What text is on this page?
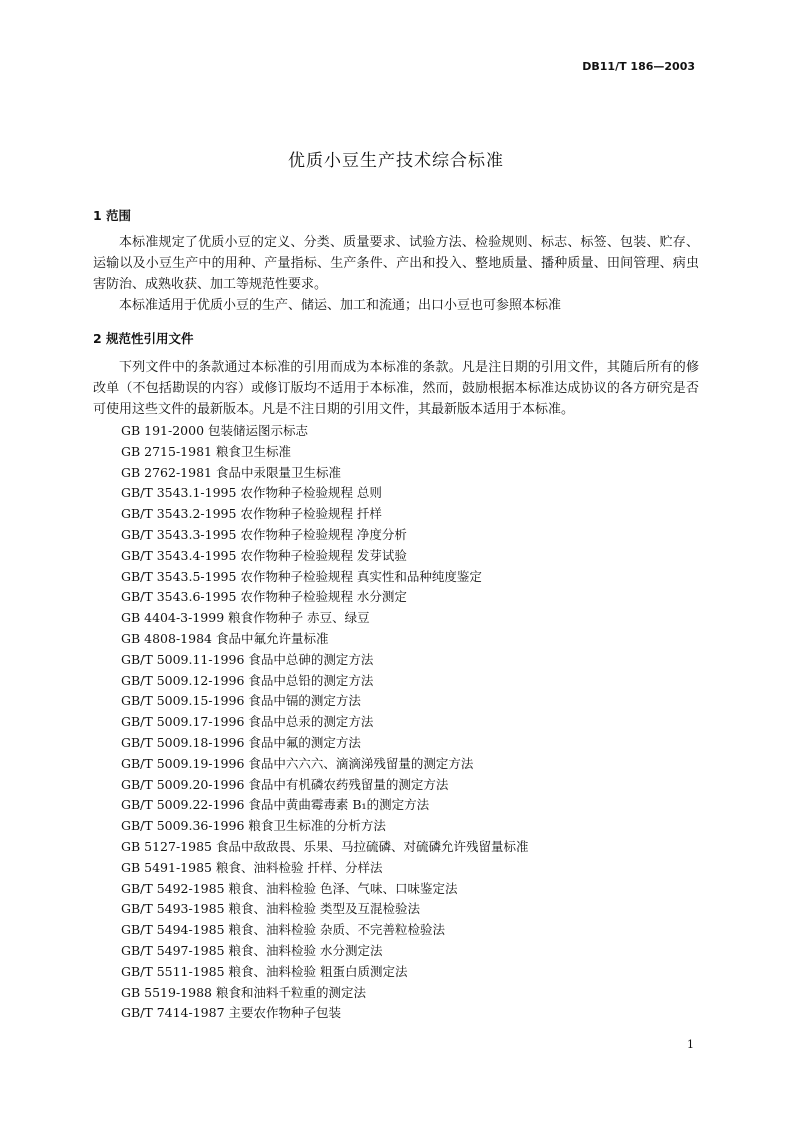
DB11/T 186—2003
优质小豆生产技术综合标准
1 范围
本标准规定了优质小豆的定义、分类、质量要求、试验方法、检验规则、标志、标签、包装、贮存、运输以及小豆生产中的用种、产量指标、生产条件、产出和投入、整地质量、播种质量、田间管理、病虫害防治、成熟收获、加工等规范性要求。
本标准适用于优质小豆的生产、储运、加工和流通；出口小豆也可参照本标准
2 规范性引用文件
下列文件中的条款通过本标准的引用而成为本标准的条款。凡是注日期的引用文件，其随后所有的修改单（不包括勘误的内容）或修订版均不适用于本标准，然而，鼓励根据本标准达成协议的各方研究是否可使用这些文件的最新版本。凡是不注日期的引用文件，其最新版本适用于本标准。
GB 191-2000 包装储运图示标志
GB 2715-1981 粮食卫生标准
GB 2762-1981 食品中汞限量卫生标准
GB/T 3543.1-1995 农作物种子检验规程 总则
GB/T 3543.2-1995 农作物种子检验规程 扦样
GB/T 3543.3-1995 农作物种子检验规程 净度分析
GB/T 3543.4-1995 农作物种子检验规程 发芽试验
GB/T 3543.5-1995 农作物种子检验规程 真实性和品种纯度鉴定
GB/T 3543.6-1995 农作物种子检验规程 水分测定
GB 4404-3-1999 粮食作物种子 赤豆、绿豆
GB 4808-1984 食品中氟允许量标准
GB/T 5009.11-1996 食品中总砷的测定方法
GB/T 5009.12-1996 食品中总铅的测定方法
GB/T 5009.15-1996 食品中镉的测定方法
GB/T 5009.17-1996 食品中总汞的测定方法
GB/T 5009.18-1996 食品中氟的测定方法
GB/T 5009.19-1996 食品中六六六、滴滴涕残留量的测定方法
GB/T 5009.20-1996 食品中有机磷农药残留量的测定方法
GB/T 5009.22-1996 食品中黄曲霉毒素 B₁的测定方法
GB/T 5009.36-1996 粮食卫生标准的分析方法
GB 5127-1985 食品中敌敌畏、乐果、马拉硫磷、对硫磷允许残留量标准
GB 5491-1985 粮食、油料检验 扦样、分样法
GB/T 5492-1985 粮食、油料检验 色泽、气味、口味鉴定法
GB/T 5493-1985 粮食、油料检验 类型及互混检验法
GB/T 5494-1985 粮食、油料检验 杂质、不完善粒检验法
GB/T 5497-1985 粮食、油料检验 水分测定法
GB/T 5511-1985 粮食、油料检验 粗蛋白质测定法
GB 5519-1988 粮食和油料千粒重的测定法
GB/T 7414-1987 主要农作物种子包装
1
